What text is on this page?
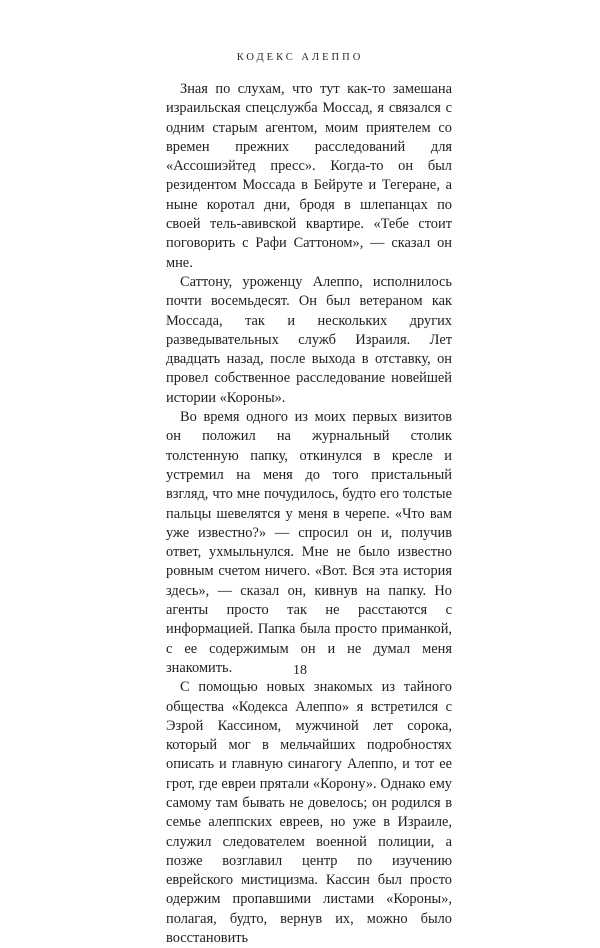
КОДЕКС АЛЕППО

Зная по слухам, что тут как-то замешана израильская спецслужба Моссад, я связался с одним старым агентом, моим приятелем со времен прежних расследований для «Ассошиэйтед пресс». Когда-то он был резидентом Моссада в Бейруте и Тегеране, а ныне коротал дни, бродя в шлепанцах по своей тель-авивской квартире. «Тебе стоит поговорить с Рафи Саттоном», — сказал он мне.

Саттону, уроженцу Алеппо, исполнилось почти восемьдесят. Он был ветераном как Моссада, так и нескольких других разведывательных служб Израиля. Лет двадцать назад, после выхода в отставку, он провел собственное расследование новейшей истории «Короны».

Во время одного из моих первых визитов он положил на журнальный столик толстенную папку, откинулся в кресле и устремил на меня до того пристальный взгляд, что мне почудилось, будто его толстые пальцы шевелятся у меня в черепе. «Что вам уже известно?» — спросил он и, получив ответ, ухмыльнулся. Мне не было известно ровным счетом ничего. «Вот. Вся эта история здесь», — сказал он, кивнув на папку. Но агенты просто так не расстаются с информацией. Папка была просто приманкой, с ее содержимым он и не думал меня знакомить.

С помощью новых знакомых из тайного общества «Кодекса Алеппо» я встретился с Эзрой Кассином, мужчиной лет сорока, который мог в мельчайших подробностях описать и главную синагогу Алеппо, и тот ее грот, где евреи прятали «Корону». Однако ему самому там бывать не довелось; он родился в семье алеппских евреев, но уже в Израиле, служил следователем военной полиции, а позже возглавил центр по изучению еврейского мистицизма. Кассин был просто одержим пропавшими листами «Короны», полагая, будто, вернув их, можно было восстановить

18
